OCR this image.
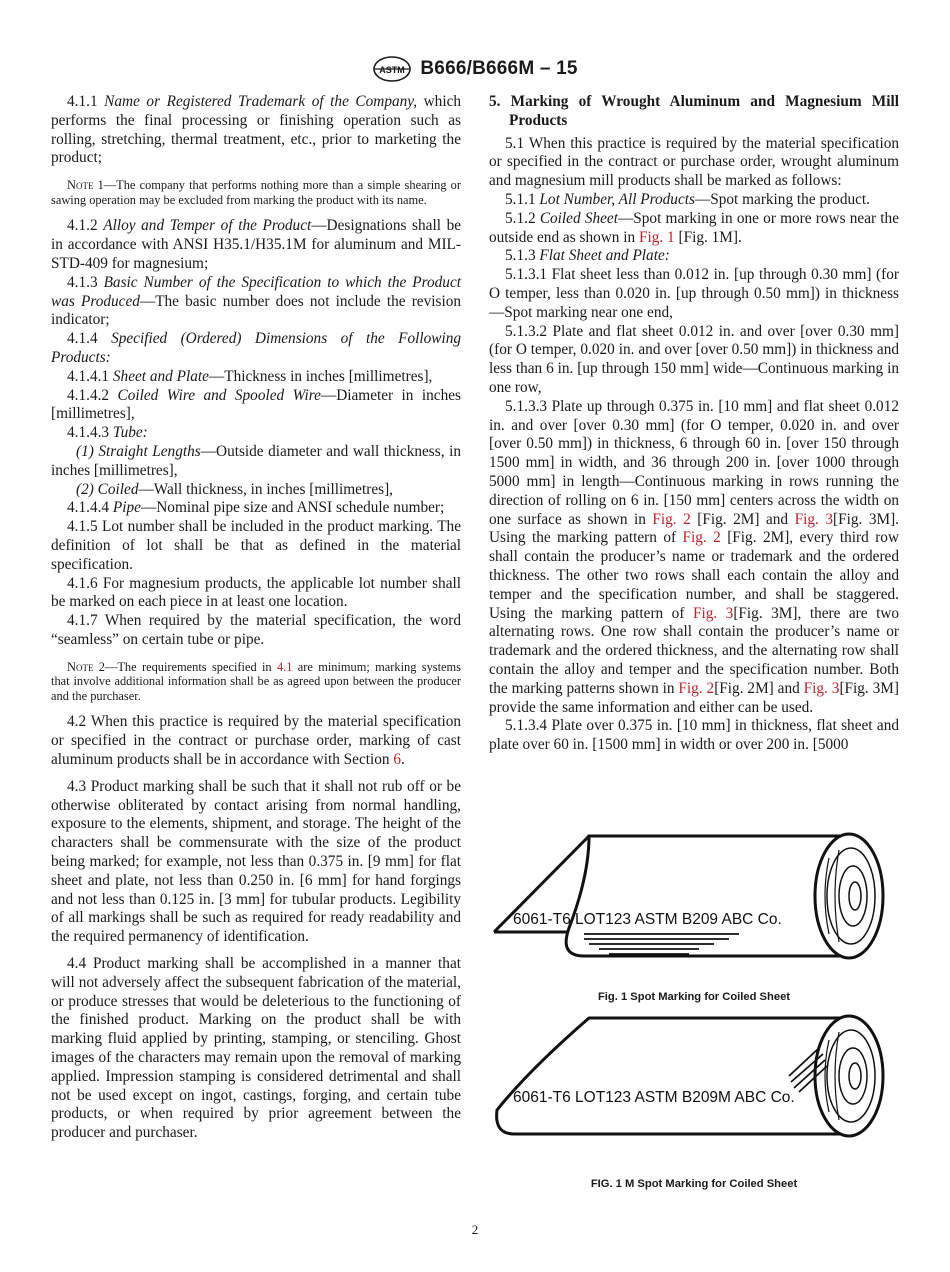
ASTM B666/B666M – 15

4.1.1 Name or Registered Trademark of the Company, which performs the final processing or finishing operation such as rolling, stretching, thermal treatment, etc., prior to marketing the product;

Note 1—The company that performs nothing more than a simple shearing or sawing operation may be excluded from marking the product with its name.

4.1.2 Alloy and Temper of the Product—Designations shall be in accordance with ANSI H35.1/H35.1M for aluminum and MIL-STD-409 for magnesium;

4.1.3 Basic Number of the Specification to which the Product was Produced—The basic number does not include the revision indicator;

4.1.4 Specified (Ordered) Dimensions of the Following Products:

4.1.4.1 Sheet and Plate—Thickness in inches [millimetres],

4.1.4.2 Coiled Wire and Spooled Wire—Diameter in inches [millimetres],

4.1.4.3 Tube:

(1) Straight Lengths—Outside diameter and wall thickness, in inches [millimetres],

(2) Coiled—Wall thickness, in inches [millimetres],

4.1.4.4 Pipe—Nominal pipe size and ANSI schedule number;

4.1.5 Lot number shall be included in the product marking. The definition of lot shall be that as defined in the material specification.

4.1.6 For magnesium products, the applicable lot number shall be marked on each piece in at least one location.

4.1.7 When required by the material specification, the word “seamless” on certain tube or pipe.

Note 2—The requirements specified in 4.1 are minimum; marking systems that involve additional information shall be as agreed upon between the producer and the purchaser.

4.2 When this practice is required by the material specification or specified in the contract or purchase order, marking of cast aluminum products shall be in accordance with Section 6.

4.3 Product marking shall be such that it shall not rub off or be otherwise obliterated by contact arising from normal handling, exposure to the elements, shipment, and storage. The height of the characters shall be commensurate with the size of the product being marked; for example, not less than 0.375 in. [9 mm] for flat sheet and plate, not less than 0.250 in. [6 mm] for hand forgings and not less than 0.125 in. [3 mm] for tubular products. Legibility of all markings shall be such as required for ready readability and the required permanency of identification.

4.4 Product marking shall be accomplished in a manner that will not adversely affect the subsequent fabrication of the material, or produce stresses that would be deleterious to the functioning of the finished product. Marking on the product shall be with marking fluid applied by printing, stamping, or stenciling. Ghost images of the characters may remain upon the removal of marking applied. Impression stamping is considered detrimental and shall not be used except on ingot, castings, forging, and certain tube products, or when required by prior agreement between the producer and purchaser.

5. Marking of Wrought Aluminum and Magnesium Mill Products

5.1 When this practice is required by the material specification or specified in the contract or purchase order, wrought aluminum and magnesium mill products shall be marked as follows:

5.1.1 Lot Number, All Products—Spot marking the product.

5.1.2 Coiled Sheet—Spot marking in one or more rows near the outside end as shown in Fig. 1 [Fig. 1M].

5.1.3 Flat Sheet and Plate:

5.1.3.1 Flat sheet less than 0.012 in. [up through 0.30 mm] (for O temper, less than 0.020 in. [up through 0.50 mm]) in thickness—Spot marking near one end,

5.1.3.2 Plate and flat sheet 0.012 in. and over [over 0.30 mm] (for O temper, 0.020 in. and over [over 0.50 mm]) in thickness and less than 6 in. [up through 150 mm] wide—Continuous marking in one row,

5.1.3.3 Plate up through 0.375 in. [10 mm] and flat sheet 0.012 in. and over [over 0.30 mm] (for O temper, 0.020 in. and over [over 0.50 mm]) in thickness, 6 through 60 in. [over 150 through 1500 mm] in width, and 36 through 200 in. [over 1000 through 5000 mm] in length—Continuous marking in rows running the direction of rolling on 6 in. [150 mm] centers across the width on one surface as shown in Fig. 2 [Fig. 2M] and Fig. 3[Fig. 3M]. Using the marking pattern of Fig. 2 [Fig. 2M], every third row shall contain the producer’s name or trademark and the ordered thickness. The other two rows shall each contain the alloy and temper and the specification number, and shall be staggered. Using the marking pattern of Fig. 3[Fig. 3M], there are two alternating rows. One row shall contain the producer’s name or trademark and the ordered thickness, and the alternating row shall contain the alloy and temper and the specification number. Both the marking patterns shown in Fig. 2[Fig. 2M] and Fig. 3[Fig. 3M] provide the same information and either can be used.

5.1.3.4 Plate over 0.375 in. [10 mm] in thickness, flat sheet and plate over 60 in. [1500 mm] in width or over 200 in. [5000

6061-T6 LOT123 ASTM B209 ABC Co.
Fig. 1 Spot Marking for Coiled Sheet
6061-T6 LOT123 ASTM B209M ABC Co.
FIG. 1 M Spot Marking for Coiled Sheet
2
